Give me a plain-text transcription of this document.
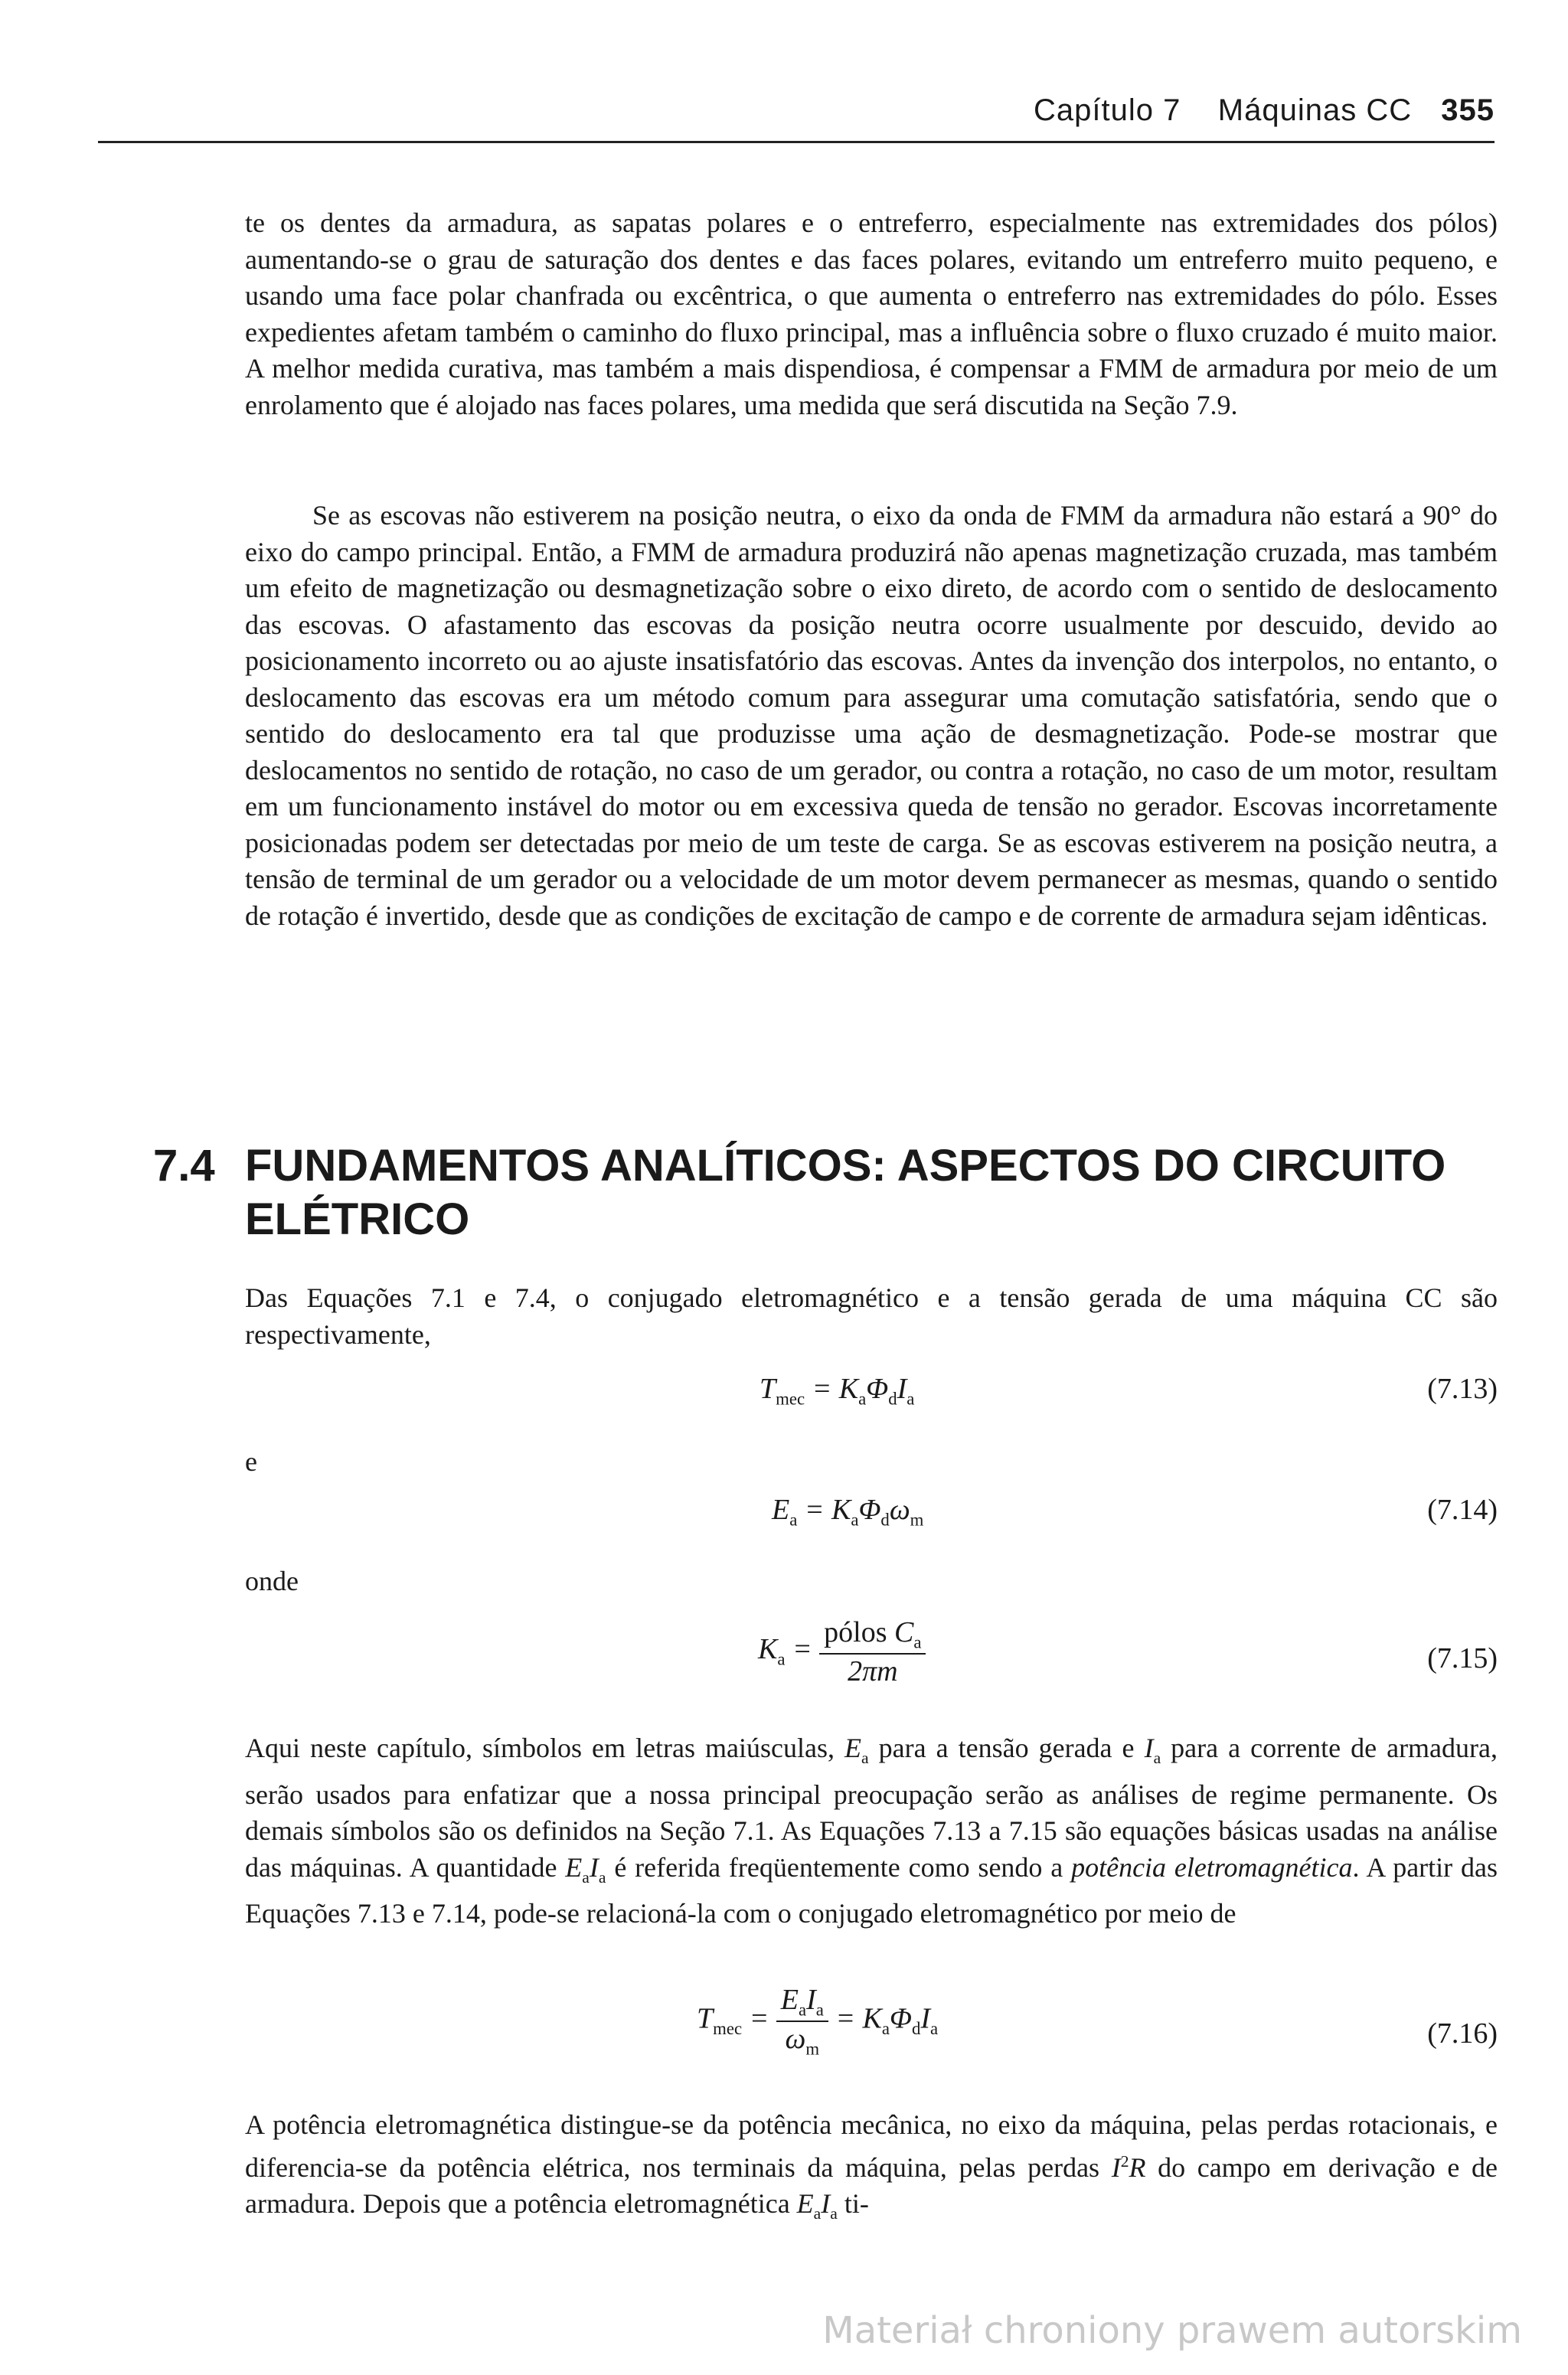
Capítulo 7 Máquinas CC 355

te os dentes da armadura, as sapatas polares e o entreferro, especialmente nas extremidades dos pólos) aumentando-se o grau de saturação dos dentes e das faces polares, evitando um entreferro muito pequeno, e usando uma face polar chanfrada ou excêntrica, o que aumenta o entreferro nas extremidades do pólo. Esses expedientes afetam também o caminho do fluxo principal, mas a influência sobre o fluxo cruzado é muito maior. A melhor medida curativa, mas também a mais dispendiosa, é compensar a FMM de armadura por meio de um enrolamento que é alojado nas faces polares, uma medida que será discutida na Seção 7.9.

Se as escovas não estiverem na posição neutra, o eixo da onda de FMM da armadura não estará a 90° do eixo do campo principal. Então, a FMM de armadura produzirá não apenas magnetização cruzada, mas também um efeito de magnetização ou desmagnetização sobre o eixo direto, de acordo com o sentido de deslocamento das escovas. O afastamento das escovas da posição neutra ocorre usualmente por descuido, devido ao posicionamento incorreto ou ao ajuste insatisfatório das escovas. Antes da invenção dos interpolos, no entanto, o deslocamento das escovas era um método comum para assegurar uma comutação satisfatória, sendo que o sentido do deslocamento era tal que produzisse uma ação de desmagnetização. Pode-se mostrar que deslocamentos no sentido de rotação, no caso de um gerador, ou contra a rotação, no caso de um motor, resultam em um funcionamento instável do motor ou em excessiva queda de tensão no gerador. Escovas incorretamente posicionadas podem ser detectadas por meio de um teste de carga. Se as escovas estiverem na posição neutra, a tensão de terminal de um gerador ou a velocidade de um motor devem permanecer as mesmas, quando o sentido de rotação é invertido, desde que as condições de excitação de campo e de corrente de armadura sejam idênticas.

7.4 FUNDAMENTOS ANALÍTICOS: ASPECTOS DO CIRCUITO ELÉTRICO

Das Equações 7.1 e 7.4, o conjugado eletromagnético e a tensão gerada de uma máquina CC são respectivamente,

$T_{mec} = K_a\Phi_dI_a$	(7.13)
e
$E_a = K_a\Phi_d\omega_m$	(7.14)
onde
$K_a = \frac{pólos C_a}{2\pi m}$	(7.15)

Aqui neste capítulo, símbolos em letras maiúsculas, $E_a$ para a tensão gerada e $I_a$ para a corrente de armadura, serão usados para enfatizar que a nossa principal preocupação serão as análises de regime permanente. Os demais símbolos são os definidos na Seção 7.1. As Equações 7.13 a 7.15 são equações básicas usadas na análise das máquinas. A quantidade $E_aI_a$ é referida freqüentemente como sendo a potência eletromagnética. A partir das Equações 7.13 e 7.14, pode-se relacioná-la com o conjugado eletromagnético por meio de

$T_{mec} = \frac{E_aI_a}{\omega_m} = K_a\Phi_dI_a$	(7.16)

A potência eletromagnética distingue-se da potência mecânica, no eixo da máquina, pelas perdas rotacionais, e diferencia-se da potência elétrica, nos terminais da máquina, pelas perdas $I^2R$ do campo em derivação e de armadura. Depois que a potência eletromagnética $E_aI_a$ ti-

Materiał chroniony prawem autorskim
